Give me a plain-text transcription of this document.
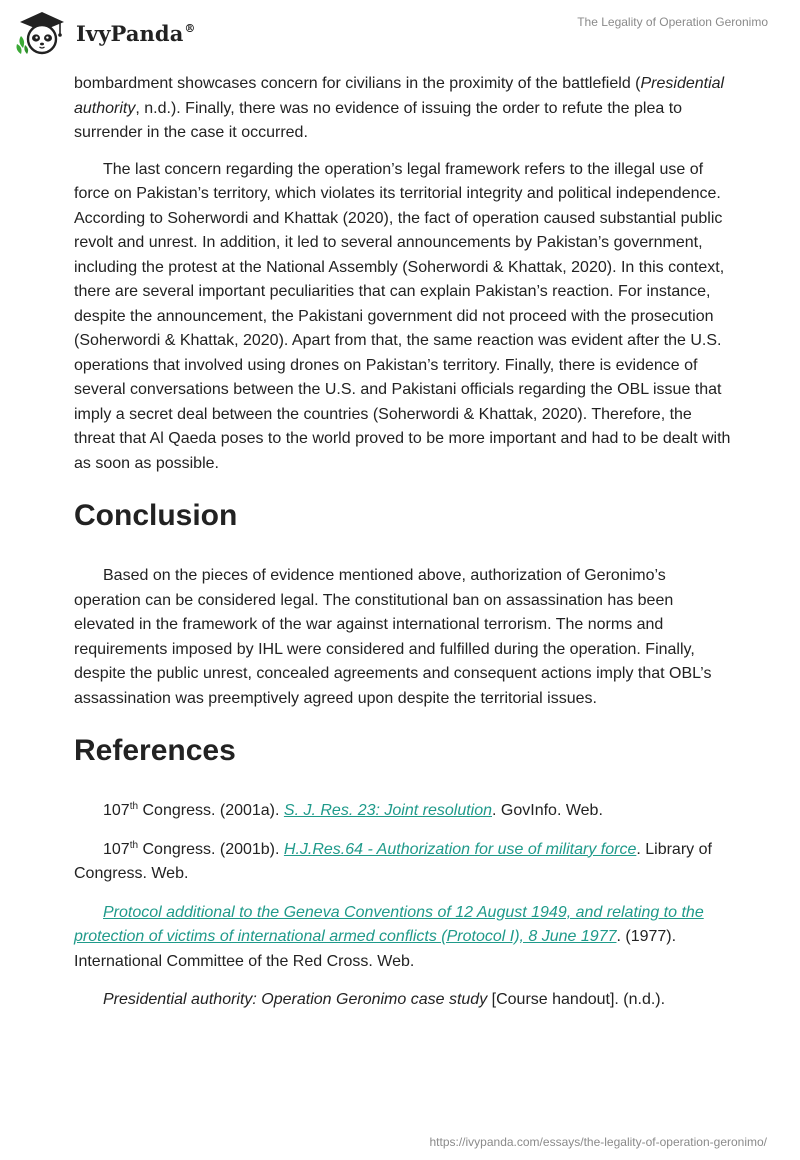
IvyPanda®	The Legality of Operation Geronimo

bombardment showcases concern for civilians in the proximity of the battlefield (Presidential authority, n.d.). Finally, there was no evidence of issuing the order to refute the plea to surrender in the case it occurred.

The last concern regarding the operation’s legal framework refers to the illegal use of force on Pakistan’s territory, which violates its territorial integrity and political independence. According to Soherwordi and Khattak (2020), the fact of operation caused substantial public revolt and unrest. In addition, it led to several announcements by Pakistan’s government, including the protest at the National Assembly (Soherwordi & Khattak, 2020). In this context, there are several important peculiarities that can explain Pakistan’s reaction. For instance, despite the announcement, the Pakistani government did not proceed with the prosecution (Soherwordi & Khattak, 2020). Apart from that, the same reaction was evident after the U.S. operations that involved using drones on Pakistan’s territory. Finally, there is evidence of several conversations between the U.S. and Pakistani officials regarding the OBL issue that imply a secret deal between the countries (Soherwordi & Khattak, 2020). Therefore, the threat that Al Qaeda poses to the world proved to be more important and had to be dealt with as soon as possible.

Conclusion

Based on the pieces of evidence mentioned above, authorization of Geronimo’s operation can be considered legal. The constitutional ban on assassination has been elevated in the framework of the war against international terrorism. The norms and requirements imposed by IHL were considered and fulfilled during the operation. Finally, despite the public unrest, concealed agreements and consequent actions imply that OBL’s assassination was preemptively agreed upon despite the territorial issues.

References

107th Congress. (2001a). S. J. Res. 23: Joint resolution. GovInfo. Web.

107th Congress. (2001b). H.J.Res.64 - Authorization for use of military force. Library of Congress. Web.

Protocol additional to the Geneva Conventions of 12 August 1949, and relating to the protection of victims of international armed conflicts (Protocol I), 8 June 1977. (1977). International Committee of the Red Cross. Web.

Presidential authority: Operation Geronimo case study [Course handout]. (n.d.).

https://ivypanda.com/essays/the-legality-of-operation-geronimo/
